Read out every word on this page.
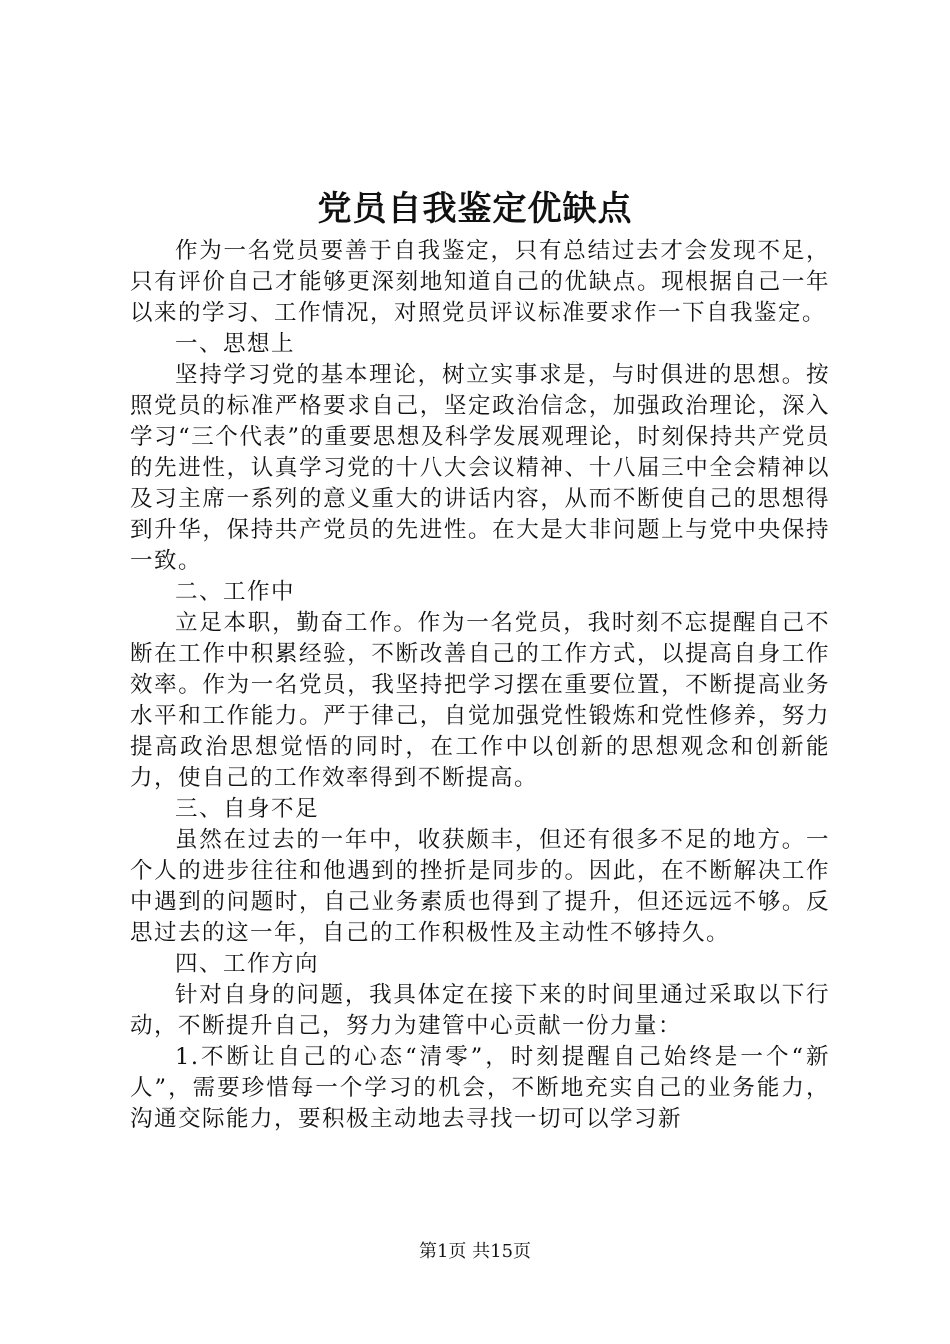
党员自我鉴定优缺点

作为一名党员要善于自我鉴定，只有总结过去才会发现不足，只有评价自己才能够更深刻地知道自己的优缺点。现根据自己一年以来的学习、工作情况，对照党员评议标准要求作一下自我鉴定。

一、思想上

坚持学习党的基本理论，树立实事求是，与时俱进的思想。按照党员的标准严格要求自己，坚定政治信念，加强政治理论，深入学习“三个代表”的重要思想及科学发展观理论，时刻保持共产党员的先进性，认真学习党的十八大会议精神、十八届三中全会精神以及习主席一系列的意义重大的讲话内容，从而不断使自己的思想得到升华，保持共产党员的先进性。在大是大非问题上与党中央保持一致。

二、工作中

立足本职，勤奋工作。作为一名党员，我时刻不忘提醒自己不断在工作中积累经验，不断改善自己的工作方式，以提高自身工作效率。作为一名党员，我坚持把学习摆在重要位置，不断提高业务水平和工作能力。严于律己，自觉加强党性锻炼和党性修养，努力提高政治思想觉悟的同时，在工作中以创新的思想观念和创新能力，使自己的工作效率得到不断提高。

三、自身不足

虽然在过去的一年中，收获颇丰，但还有很多不足的地方。一个人的进步往往和他遇到的挫折是同步的。因此，在不断解决工作中遇到的问题时，自己业务素质也得到了提升，但还远远不够。反思过去的这一年，自己的工作积极性及主动性不够持久。

四、工作方向

针对自身的问题，我具体定在接下来的时间里通过采取以下行动，不断提升自己，努力为建管中心贡献一份力量：

1.不断让自己的心态“清零”，时刻提醒自己始终是一个“新人”，需要珍惜每一个学习的机会，不断地充实自己的业务能力，沟通交际能力，要积极主动地去寻找一切可以学习新

第1页 共15页
